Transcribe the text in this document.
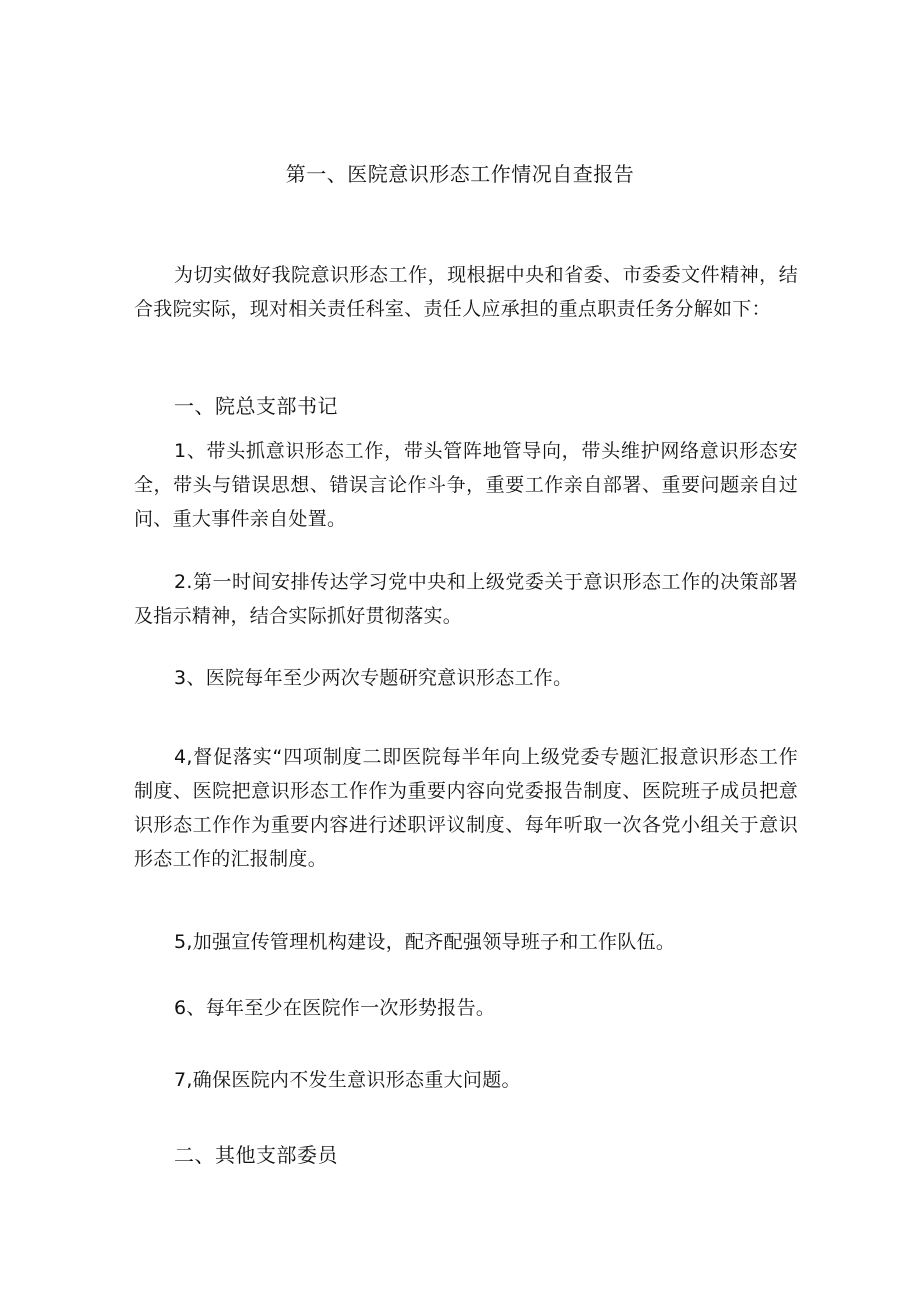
第一、医院意识形态工作情况自查报告

为切实做好我院意识形态工作，现根据中央和省委、市委委文件精神，结合我院实际，现对相关责任科室、责任人应承担的重点职责任务分解如下：

一、院总支部书记

1、带头抓意识形态工作，带头管阵地管导向，带头维护网络意识形态安全，带头与错误思想、错误言论作斗争，重要工作亲自部署、重要问题亲自过问、重大事件亲自处置。

2.第一时间安排传达学习党中央和上级党委关于意识形态工作的决策部署及指示精神，结合实际抓好贯彻落实。

3、医院每年至少两次专题研究意识形态工作。

4,督促落实“四项制度二即医院每半年向上级党委专题汇报意识形态工作制度、医院把意识形态工作作为重要内容向党委报告制度、医院班子成员把意识形态工作作为重要内容进行述职评议制度、每年听取一次各党小组关于意识形态工作的汇报制度。

5,加强宣传管理机构建设，配齐配强领导班子和工作队伍。

6、每年至少在医院作一次形势报告。

7,确保医院内不发生意识形态重大问题。

二、其他支部委员
